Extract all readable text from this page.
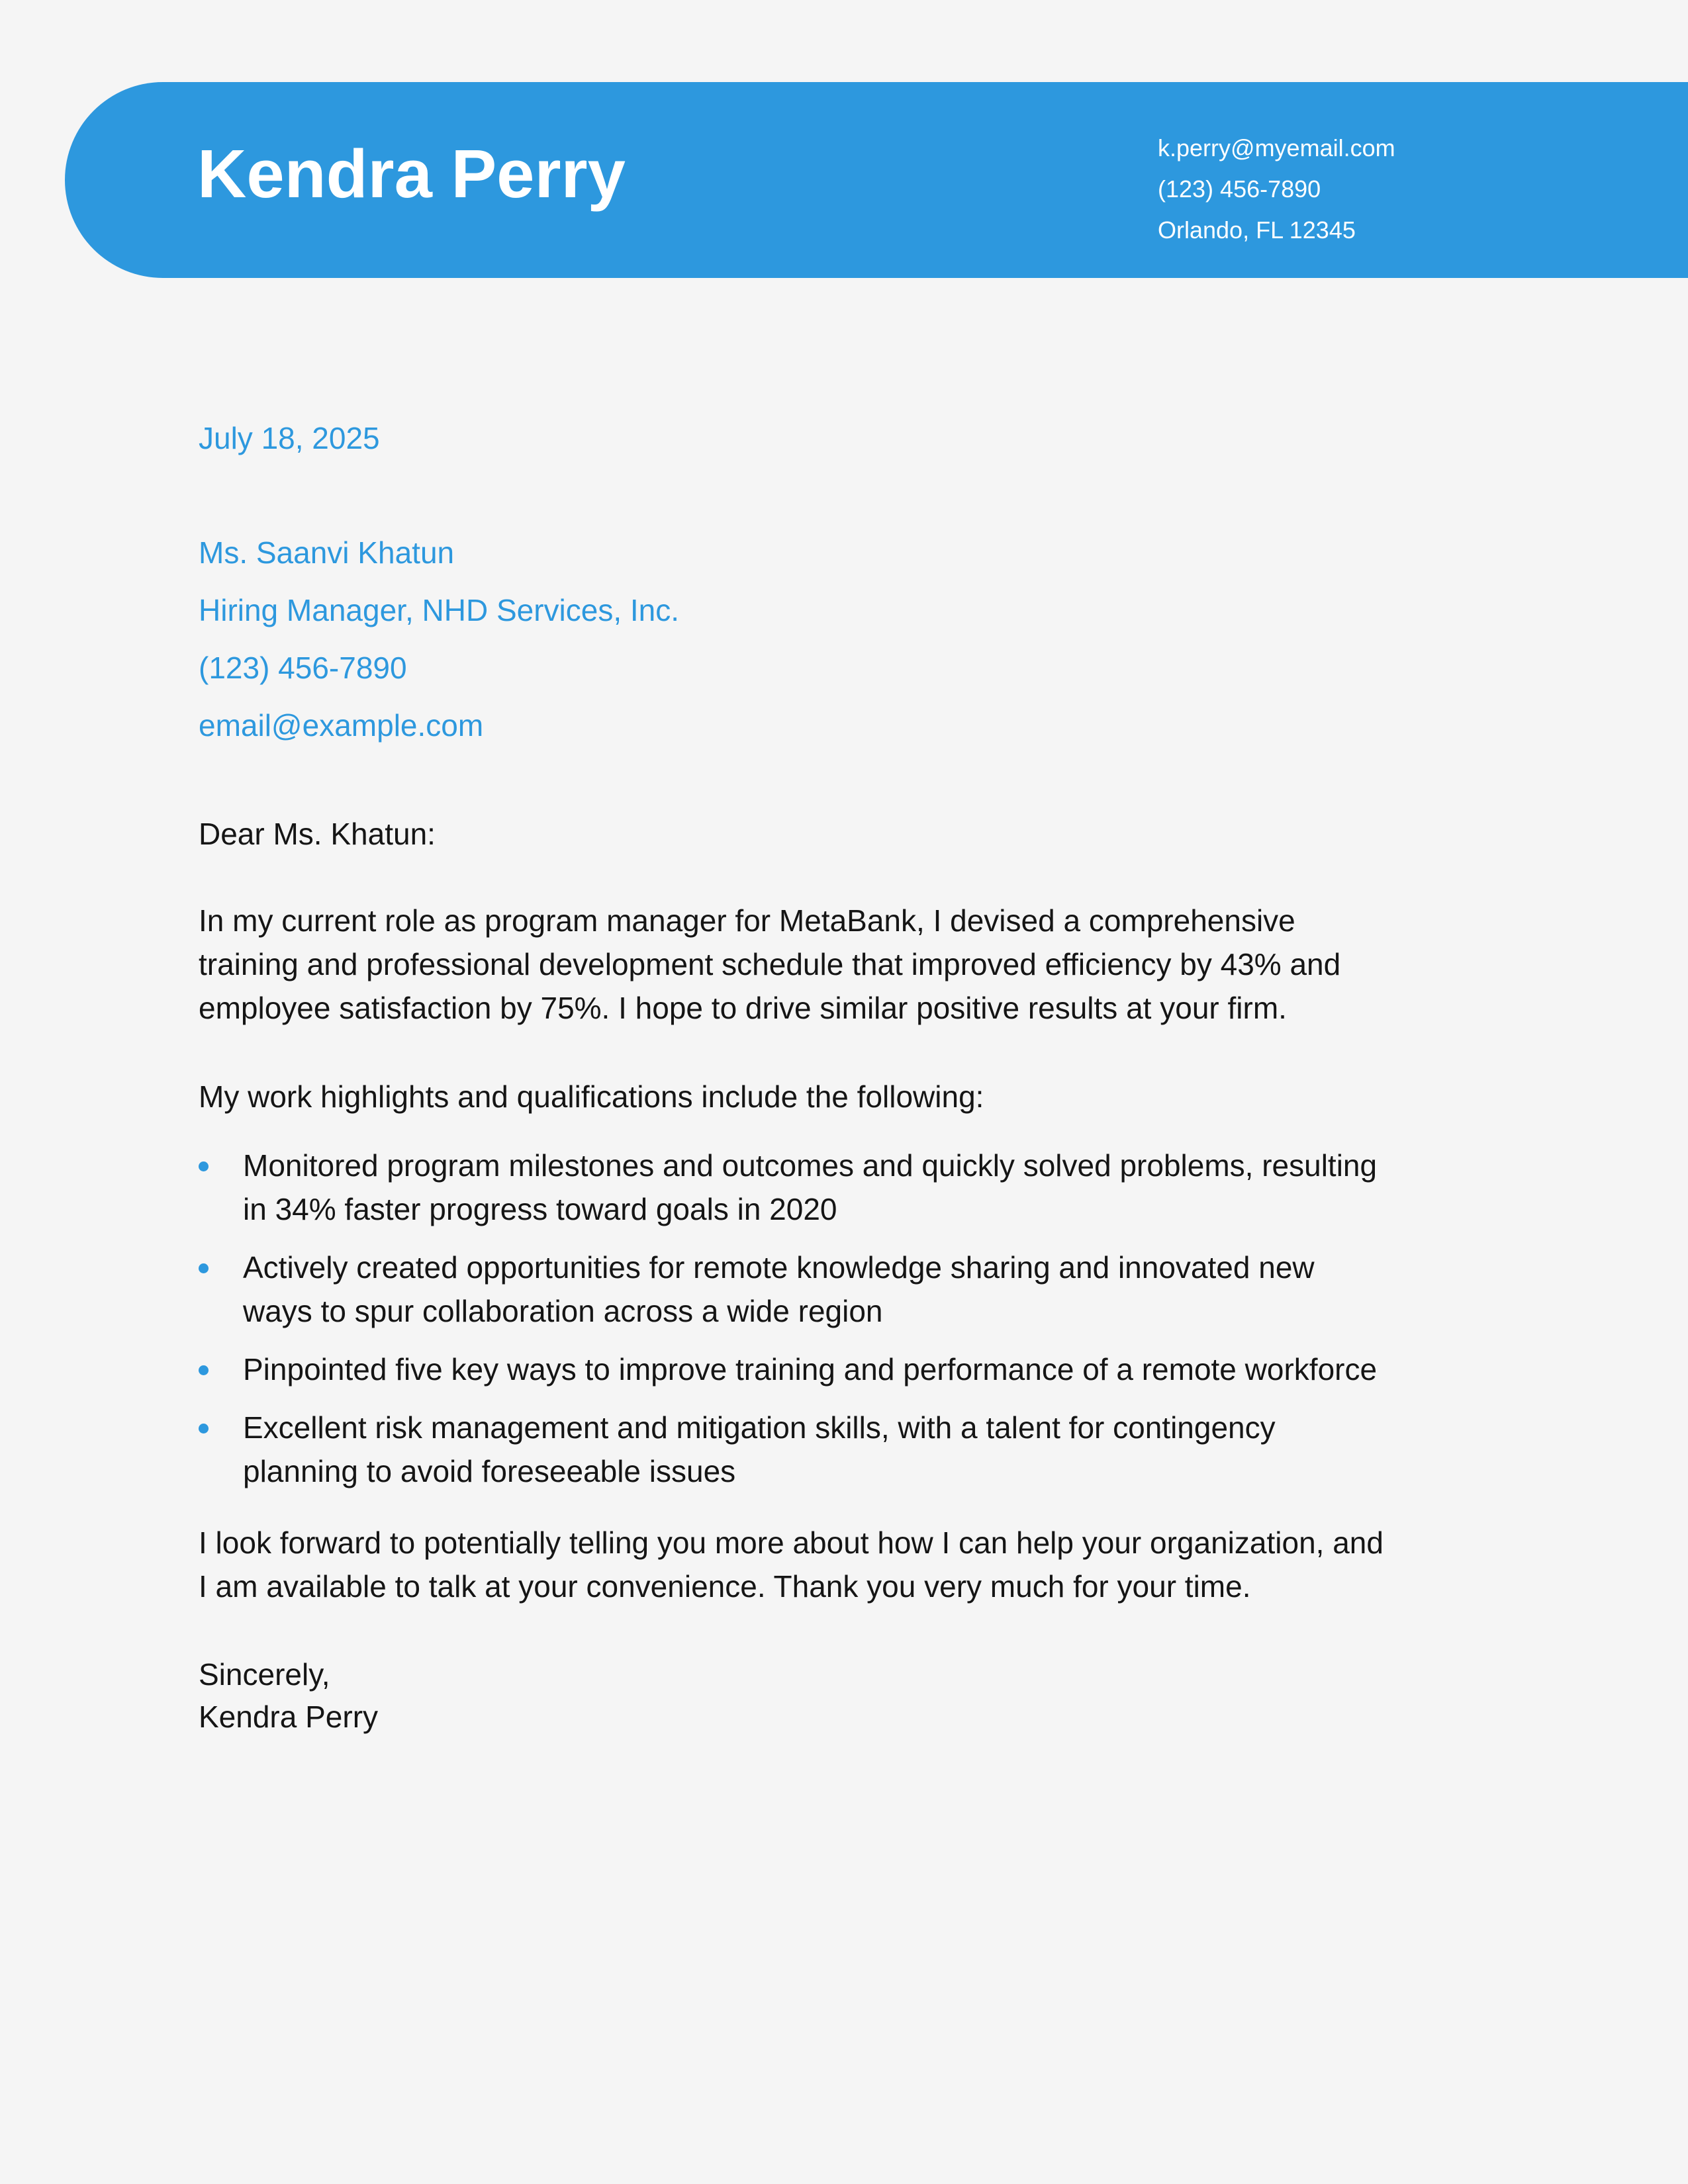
Kendra Perry	k.perry@myemail.com
(123) 456-7890
Orlando, FL 12345
July 18, 2025
Ms. Saanvi Khatun
Hiring Manager, NHD Services, Inc.
(123) 456-7890
email@example.com
Dear Ms. Khatun:
In my current role as program manager for MetaBank, I devised a comprehensive
training and professional development schedule that improved efficiency by 43% and
employee satisfaction by 75%. I hope to drive similar positive results at your firm.
My work highlights and qualifications include the following:
Monitored program milestones and outcomes and quickly solved problems, resulting
in 34% faster progress toward goals in 2020
Actively created opportunities for remote knowledge sharing and innovated new
ways to spur collaboration across a wide region
Pinpointed five key ways to improve training and performance of a remote workforce
Excellent risk management and mitigation skills, with a talent for contingency
planning to avoid foreseeable issues
I look forward to potentially telling you more about how I can help your organization, and
I am available to talk at your convenience. Thank you very much for your time.
Sincerely,
Kendra Perry
